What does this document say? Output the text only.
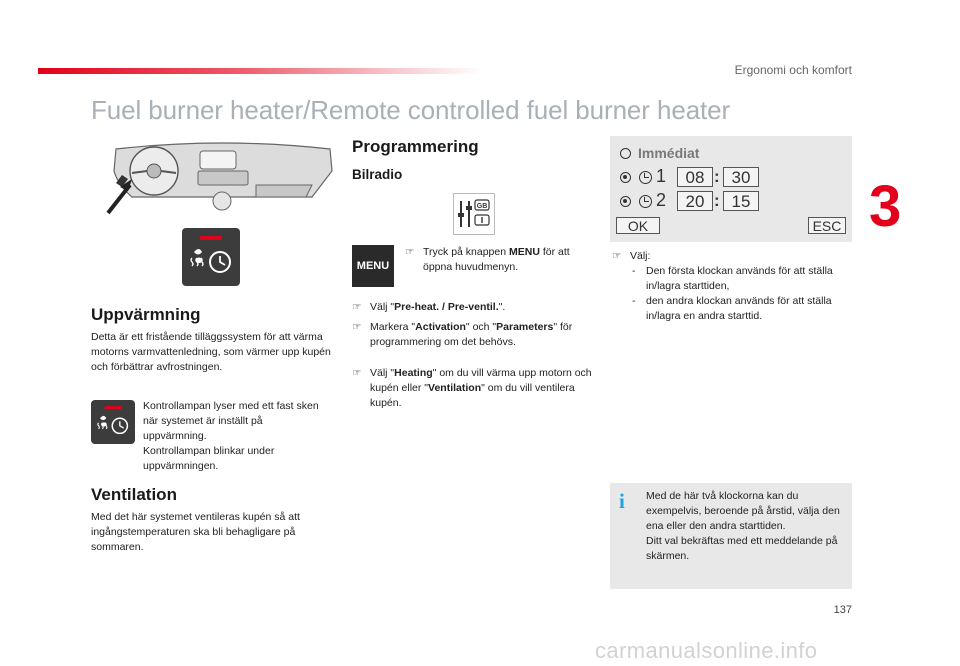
Ergonomi och komfort
Fuel burner heater/Remote controlled fuel burner heater
3
Uppvärmning
Detta är ett fristående tilläggssystem för att värma motorns varmvattenledning, som värmer upp kupén och förbättrar avfrostningen.
Kontrollampan lyser med ett fast sken när systemet är inställt på uppvärmning.
Kontrollampan blinkar under uppvärmningen.
Ventilation
Med det här systemet ventileras kupén så att ingångstemperaturen ska bli behagligare på sommaren.
Programmering
Bilradio
GB
MENU
☞ Tryck på knappen MENU för att öppna huvudmenyn.
☞ Välj "Pre-heat. / Pre-ventil.".
☞ Markera "Activation" och "Parameters" för programmering om det behövs.
☞ Välj "Heating" om du vill värma upp motorn och kupén eller "Ventilation" om du vill ventilera kupén.
Immédiat
1	08 : 30
2	20 : 15
OK	ESC
☞ Välj:
- Den första klockan används för att ställa in/lagra starttiden,
- den andra klockan används för att ställa in/lagra en andra starttid.
i Med de här två klockorna kan du exempelvis, beroende på årstid, välja den ena eller den andra starttiden.
Ditt val bekräftas med ett meddelande på skärmen.
137
carmanualsonline.info
